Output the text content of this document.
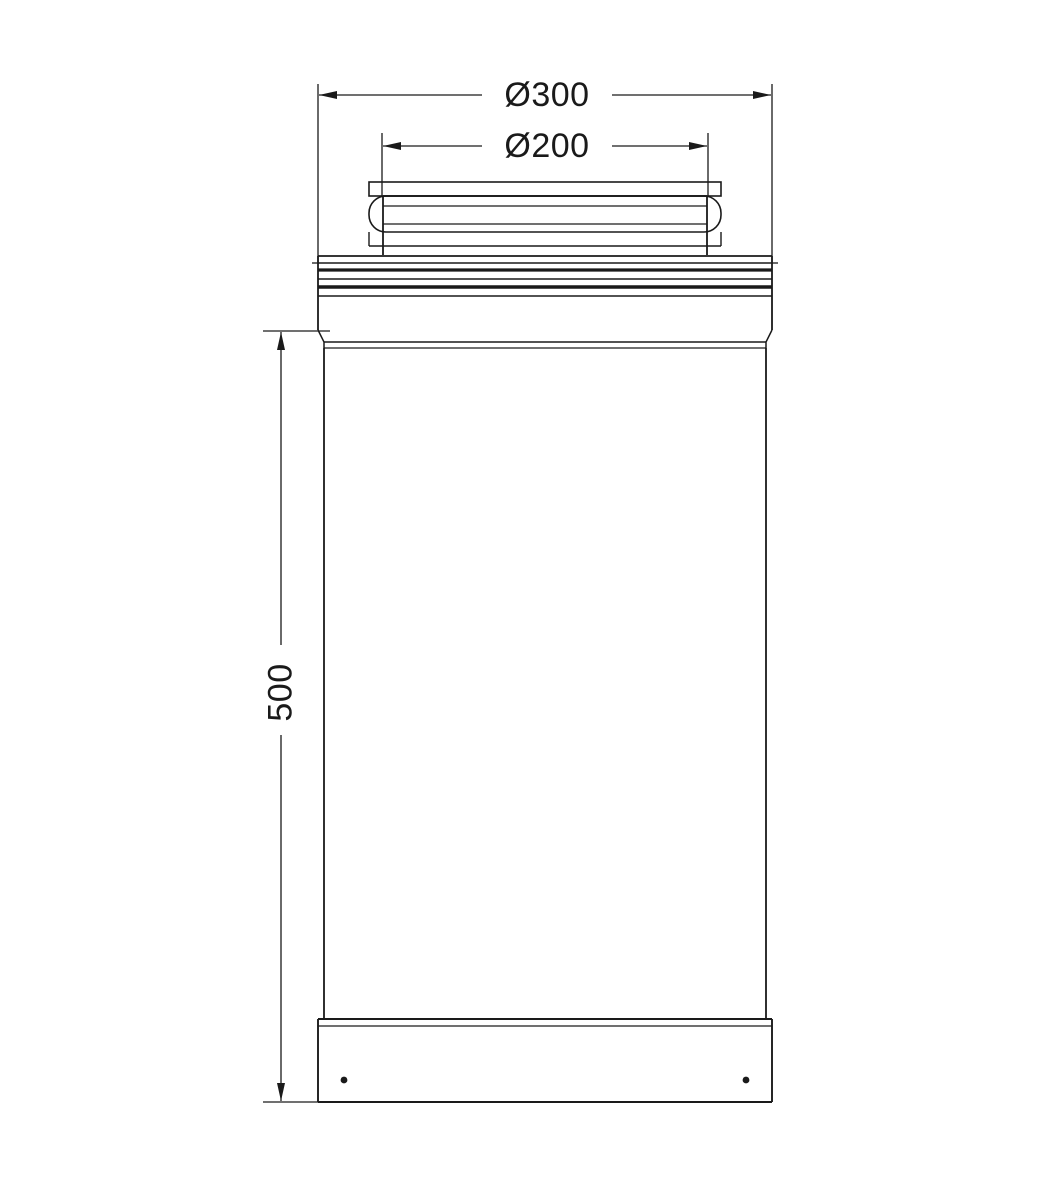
Ø300
Ø200
500
